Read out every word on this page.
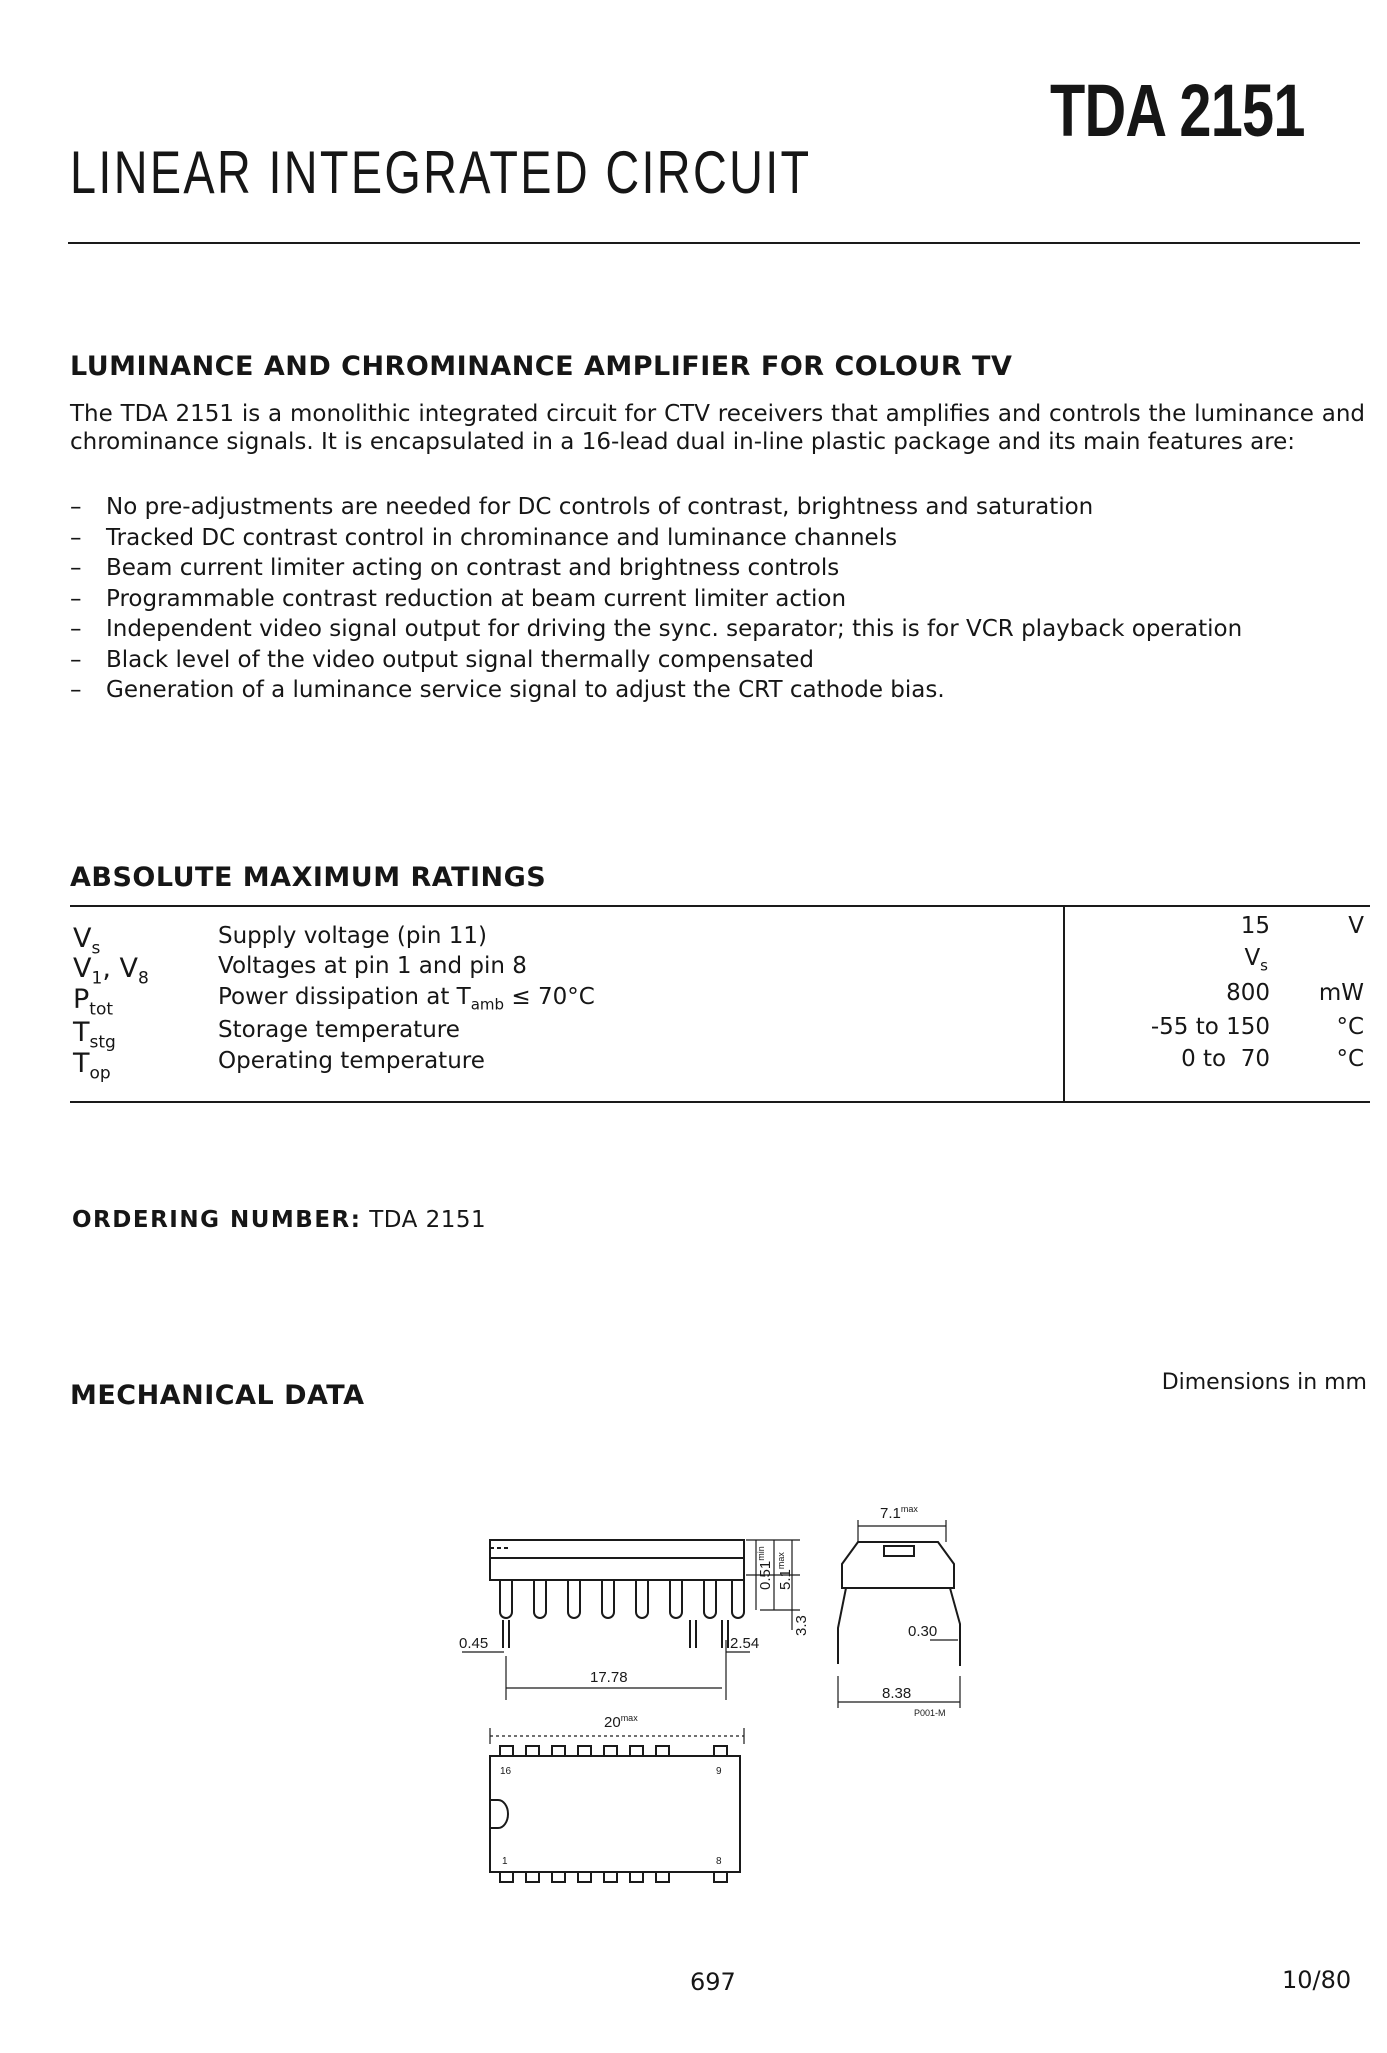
TDA 2151
LINEAR INTEGRATED CIRCUIT
LUMINANCE AND CHROMINANCE AMPLIFIER FOR COLOUR TV
The TDA 2151 is a monolithic integrated circuit for CTV receivers that amplifies and controls the luminance and chrominance signals. It is encapsulated in a 16-lead dual in-line plastic package and its main features are:
– No pre-adjustments are needed for DC controls of contrast, brightness and saturation
– Tracked DC contrast control in chrominance and luminance channels
– Beam current limiter acting on contrast and brightness controls
– Programmable contrast reduction at beam current limiter action
– Independent video signal output for driving the sync. separator; this is for VCR playback operation
– Black level of the video output signal thermally compensated
– Generation of a luminance service signal to adjust the CRT cathode bias.
ABSOLUTE MAXIMUM RATINGS
$V_s$	Supply voltage (pin 11)	15	V
$V_1$, $V_8$	Voltages at pin 1 and pin 8	$V_s$
$P_{tot}$	Power dissipation at $T_{amb} \le 70^\circ C$	800 mW
$T_{stg}$	Storage temperature	-55 to 150	°C
$T_{op}$	Operating temperature	0 to  70	°C
ORDERING NUMBER: TDA 2151
MECHANICAL DATA	Dimensions in mm
0.45
17.78
2.54
$0.51^{min}$
$5.1^{max}$
3.3
$7.1^{max}$
0.30
8.38
P001-M
$20^{max}$
16	9
1	8
697	10/80
